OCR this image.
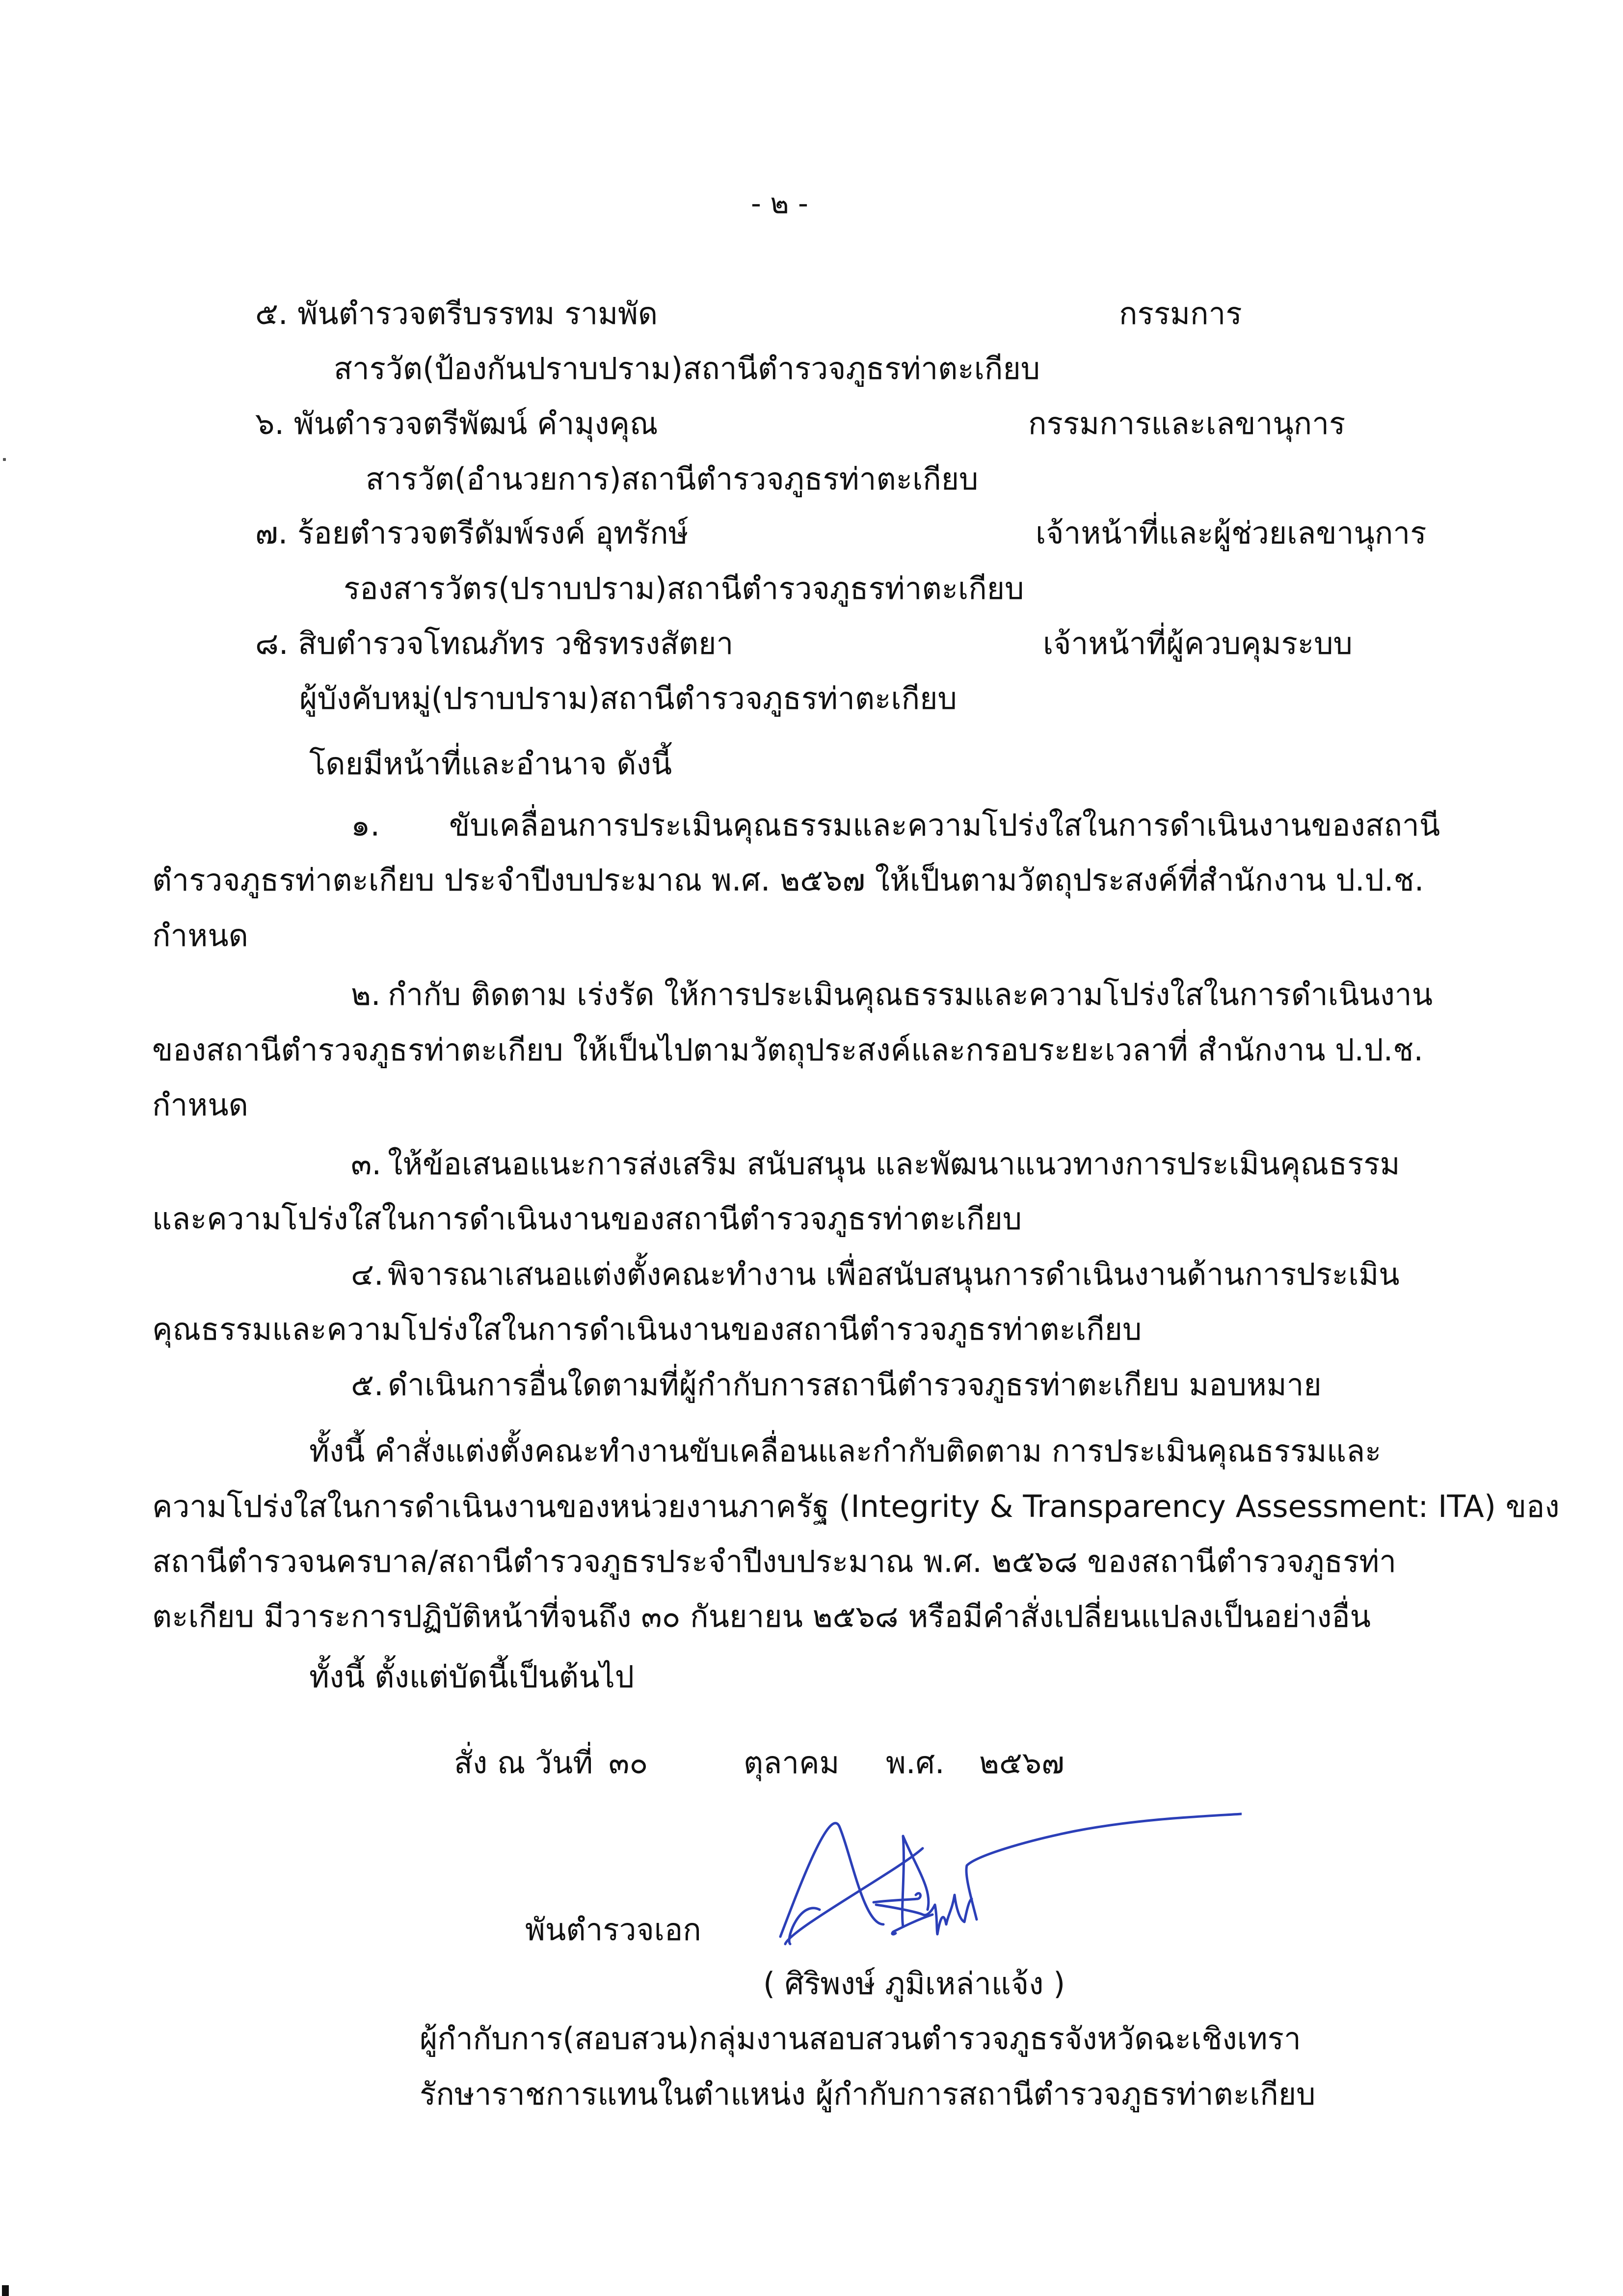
- ๒ -
๕. พันตำรวจตรีบรรทม รามพัด	กรรมการ
สารวัต(ป้องกันปราบปราม)สถานีตำรวจภูธรท่าตะเกียบ
๖. พันตำรวจตรีพัฒน์ คำมุงคุณ	กรรมการและเลขานุการ
สารวัต(อำนวยการ)สถานีตำรวจภูธรท่าตะเกียบ
๗. ร้อยตำรวจตรีดัมพ์รงค์ อุทรักษ์	เจ้าหน้าที่และผู้ช่วยเลขานุการ
รองสารวัตร(ปราบปราม)สถานีตำรวจภูธรท่าตะเกียบ
๘. สิบตำรวจโทณภัทร วชิรทรงสัตยา	เจ้าหน้าที่ผู้ควบคุมระบบ
ผู้บังคับหมู่(ปราบปราม)สถานีตำรวจภูธรท่าตะเกียบ
โดยมีหน้าที่และอำนาจ ดังนี้
๑. ขับเคลื่อนการประเมินคุณธรรมและความโปร่งใสในการดำเนินงานของสถานี
ตำรวจภูธรท่าตะเกียบ ประจำปีงบประมาณ พ.ศ. ๒๕๖๗ ให้เป็นตามวัตถุประสงค์ที่สำนักงาน ป.ป.ช.
กำหนด
๒. กำกับ ติดตาม เร่งรัด ให้การประเมินคุณธรรมและความโปร่งใสในการดำเนินงาน
ของสถานีตำรวจภูธรท่าตะเกียบ ให้เป็นไปตามวัตถุประสงค์และกรอบระยะเวลาที่ สำนักงาน ป.ป.ช.
กำหนด
๓. ให้ข้อเสนอแนะการส่งเสริม สนับสนุน และพัฒนาแนวทางการประเมินคุณธรรม
และความโปร่งใสในการดำเนินงานของสถานีตำรวจภูธรท่าตะเกียบ
๔. พิจารณาเสนอแต่งตั้งคณะทำงาน เพื่อสนับสนุนการดำเนินงานด้านการประเมิน
คุณธรรมและความโปร่งใสในการดำเนินงานของสถานีตำรวจภูธรท่าตะเกียบ
๕. ดำเนินการอื่นใดตามที่ผู้กำกับการสถานีตำรวจภูธรท่าตะเกียบ มอบหมาย
ทั้งนี้ คำสั่งแต่งตั้งคณะทำงานขับเคลื่อนและกำกับติดตาม การประเมินคุณธรรมและ
ความโปร่งใสในการดำเนินงานของหน่วยงานภาครัฐ (Integrity & Transparency Assessment: ITA) ของ
สถานีตำรวจนครบาล/สถานีตำรวจภูธรประจำปีงบประมาณ พ.ศ. ๒๕๖๘ ของสถานีตำรวจภูธรท่า
ตะเกียบ มีวาระการปฏิบัติหน้าที่จนถึง ๓๐ กันยายน ๒๕๖๘ หรือมีคำสั่งเปลี่ยนแปลงเป็นอย่างอื่น
ทั้งนี้ ตั้งแต่บัดนี้เป็นต้นไป
สั่ง ณ วันที่ ๓๐	ตุลาคม พ.ศ. ๒๕๖๗
พันตำรวจเอก
( ศิริพงษ์ ภูมิเหล่าแจ้ง )
ผู้กำกับการ(สอบสวน)กลุ่มงานสอบสวนตำรวจภูธรจังหวัดฉะเชิงเทรา
รักษาราชการแทนในตำแหน่ง ผู้กำกับการสถานีตำรวจภูธรท่าตะเกียบ
